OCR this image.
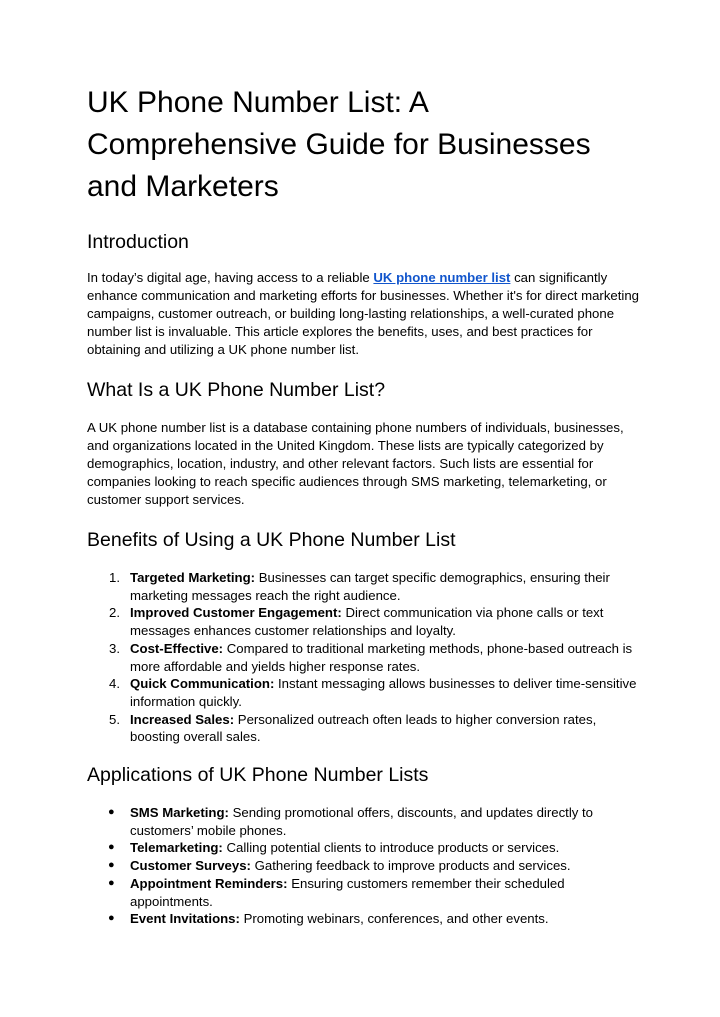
UK Phone Number List: A Comprehensive Guide for Businesses and Marketers
Introduction

In today’s digital age, having access to a reliable UK phone number list can significantly enhance communication and marketing efforts for businesses. Whether it's for direct marketing campaigns, customer outreach, or building long-lasting relationships, a well-curated phone number list is invaluable. This article explores the benefits, uses, and best practices for obtaining and utilizing a UK phone number list.

What Is a UK Phone Number List?

A UK phone number list is a database containing phone numbers of individuals, businesses, and organizations located in the United Kingdom. These lists are typically categorized by demographics, location, industry, and other relevant factors. Such lists are essential for companies looking to reach specific audiences through SMS marketing, telemarketing, or customer support services.

Benefits of Using a UK Phone Number List
1. Targeted Marketing: Businesses can target specific demographics, ensuring their marketing messages reach the right audience.
2. Improved Customer Engagement: Direct communication via phone calls or text messages enhances customer relationships and loyalty.
3. Cost-Effective: Compared to traditional marketing methods, phone-based outreach is more affordable and yields higher response rates.
4. Quick Communication: Instant messaging allows businesses to deliver time-sensitive information quickly.
5. Increased Sales: Personalized outreach often leads to higher conversion rates, boosting overall sales.
Applications of UK Phone Number Lists
●	SMS Marketing: Sending promotional offers, discounts, and updates directly to customers’ mobile phones.
●	Telemarketing: Calling potential clients to introduce products or services.
●	Customer Surveys: Gathering feedback to improve products and services.
●	Appointment Reminders: Ensuring customers remember their scheduled appointments.
●	Event Invitations: Promoting webinars, conferences, and other events.
